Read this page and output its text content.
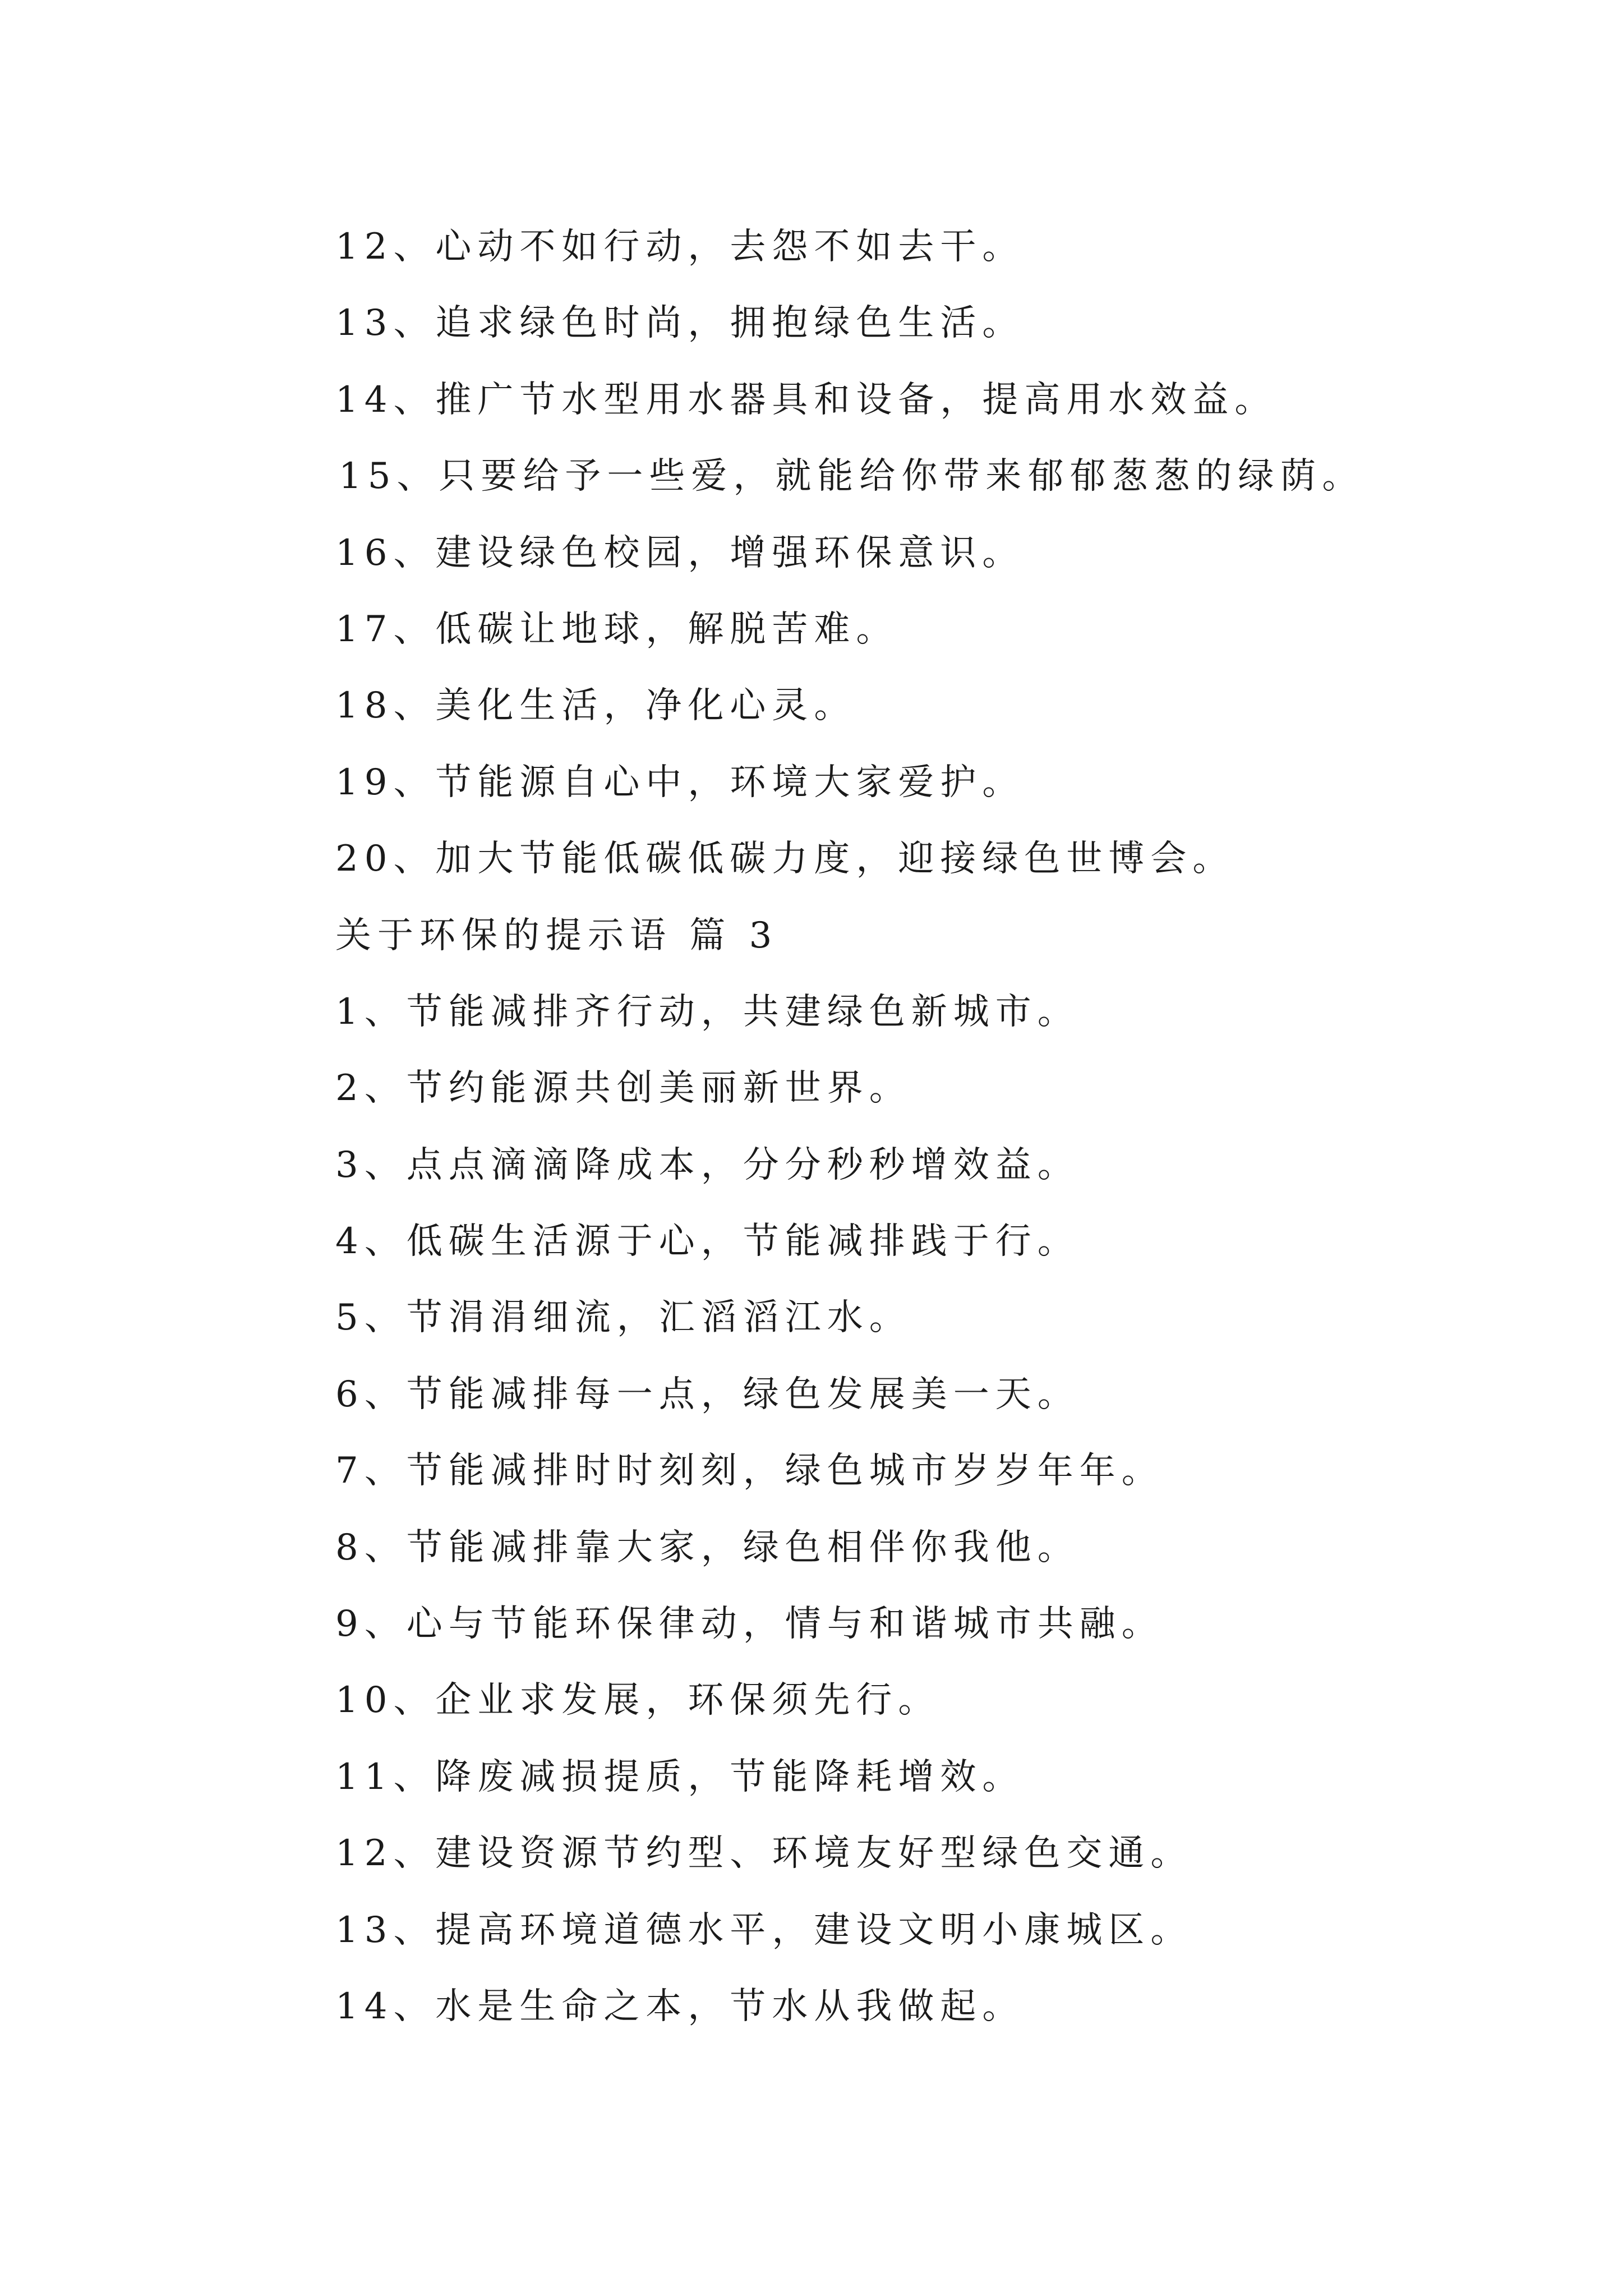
12、心动不如行动，去怨不如去干。
13、追求绿色时尚，拥抱绿色生活。
14、推广节水型用水器具和设备，提高用水效益。
15、只要给予一些爱，就能给你带来郁郁葱葱的绿荫。
16、建设绿色校园，增强环保意识。
17、低碳让地球，解脱苦难。
18、美化生活，净化心灵。
19、节能源自心中，环境大家爱护。
20、加大节能低碳低碳力度，迎接绿色世博会。
关于环保的提示语 篇 3
1、节能减排齐行动，共建绿色新城市。
2、节约能源共创美丽新世界。
3、点点滴滴降成本，分分秒秒增效益。
4、低碳生活源于心，节能减排践于行。
5、节涓涓细流，汇滔滔江水。
6、节能减排每一点，绿色发展美一天。
7、节能减排时时刻刻，绿色城市岁岁年年。
8、节能减排靠大家，绿色相伴你我他。
9、心与节能环保律动，情与和谐城市共融。
10、企业求发展，环保须先行。
11、降废减损提质，节能降耗增效。
12、建设资源节约型、环境友好型绿色交通。
13、提高环境道德水平，建设文明小康城区。
14、水是生命之本，节水从我做起。
